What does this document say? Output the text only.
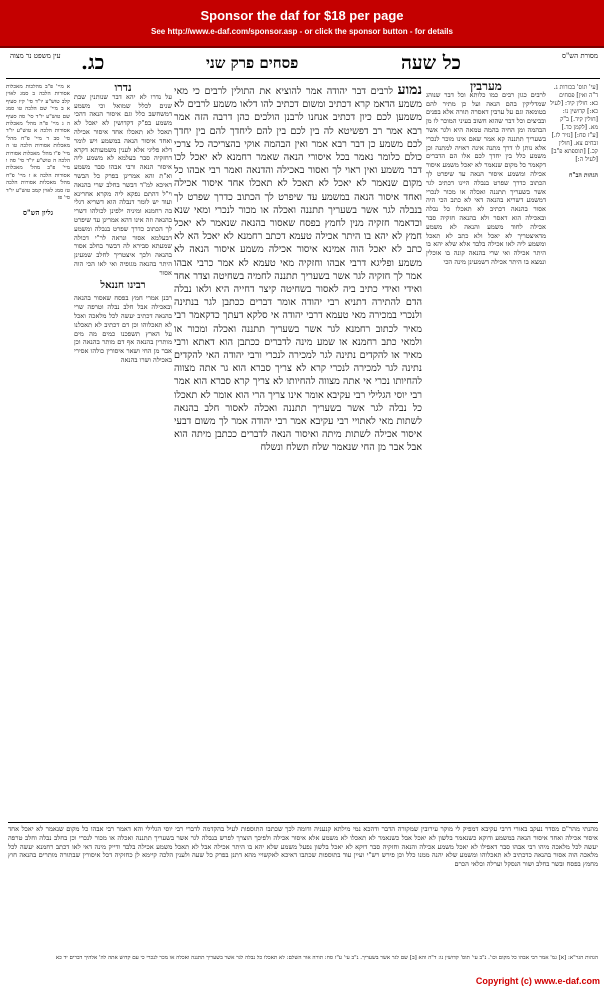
Sponsor the daf for $18 per page
See http://www.e-daf.com/sponsor.asp - or click the sponsor button - for details
עין משפט נר מצוה כג.	פסחים פרק שני	כל שעה	מסורת הש"ס
נמוע לרבים דבר יהודה אמר להוציא את התולין לרבים כי מאי משמע הדאמ קרא דכתיב ומשום דכתיב להו דלאו משמע לרבים לא משמען לכם כיון דכתיב אנחנו לרבנן הולכים כהן דרבה הזה אמר רבא אמר רב דפשיטא לה בין לכם בין להם ליחדך להם בין יחדך לכם משמע כן דבר רבא אמר ואין הבהמה אוקי בהצריכה כל צרכי כולם כלומר נאמר בכל איסורי הנאה שאמר רחמנא לא יאכל לכו דבר משמע ואין ראוי לך ואסור באכילה והדנאה ואמר רבי אבהו כל מקום שנאמר לא יאכל לא תאכל לא תאכלו אחד איסור אכילה ואחד איסור הנאה במשמע עד שיפרט לך הכתוב כדרך שפרט לך בנבלה לגר אשר בשעריך תתננה ואכלה או מכור לנכרי ומאי שנא וכדאמר חזקיה מנין לחמץ בפסח שאסור בהנאה שנאמר לא יאכל חמץ לא יהא בו היתר אכילה טעמא דכתב רחמנא לא יאכל הא לא כתב לא יאכל הוה אמינא איסור אכילה משמע איסור הנאה לא משמע ופליגא דרבי אבהו וחזקיה מאי טעמא לא אמר כרבי אבהו אמר לך חזקיה לגר אשר בשעריך תתננה לחמיה בשחיטה וצדר אחד ואידי ואידי כתיב ביה לאסור בשחיטה קיצר דחייה היא ולאו נבלה הדם להתירה דתניא רבי יהודה אומר דברים ככתבן לגר בנתינה ולנכרי במכירה מאי טעמא דרבי יהודה אי סלקא דעתך כדקאמר רבי מאיר לכתוב רחמנא לגר אשר בשעריך תתננה ואכלה ומכור או ולמאי כתב רחמנא או שמע מינה לדברים ככתבן הוא דאתא ורבי מאיר או להקדים נתינה לגר למכירה לנכרי ורבי יהודה האי להקדים נתינה לגר למכירה לנכרי קרא לא צריך סברא הוא גר אתה מצווה להחיותו נכרי אי אתה מצווה להחיותו לא צריך קרא סברא הוא אמר רבי יוסי הגלילי רבי עקיבא אומר אינו צריך הרי הוא אומר לא תאכלו כל נבלה לגר אשר בשעריך תתננה ואכלה לאסור חלב בהנאה לשתות מאי לאתויי רבי עקיבא אמר רבי יהודה אמר לך משום דבעי איסור אכילה לשתות מיתה ואיסור הנאה לדברים ככתבן מיתה הוא אבל אבר מן החי שנאמר שלח תשלח ונשלח
מערבין
לרבים כגון רבים כמו כלותא וכל דבר שנוהג שמדליקין בהם הנאה ועל כן מתיר להם בטומאה וגם על ערבין דאסרה תורה אלא בפנים ובביצים וכל דבר שהוא חשוב בעיני המוכר לו מן הבהמה ומן החיה בהמה טמאה היא ולגר אשר בשעריך תתננה קא אמר שאם אינו מוכר לנכרי אלא נותן לו דרך מתנה אינה ראויה למתנה וכן משמע כלל בין יחדך לכם אלו הם הדברים דקאמר כל מקום שנאמר לא יאכל משמע איסור אכילה ומשמע איסור הנאה עד שיפרט לך הכתוב כדרך שפרט בנבלה היינו דכתיב לגר אשר בשעריך תתננה ואכלה או מכור לנכרי דמשמע דשריא בהנאה דאי לא כתב הכי היה אסור בהנאה דכתיב לא תאכלו כל נבלה ובאכילה הוא דאסר ולא בהנאה חזקיה סבר אכילה לחוד משמע והנאה לא משמע מדאיצטריך לא יאכל ולא כתב לא תאכל ומשמע ליה לאו אכילה בלבד אלא שלא יהא בו היתר אכילה ואי שרי בהנאה קונה בו אוכלין ונמצא בו היתר אכילה דשמעינן מינה הכי
נדרו
על נדרו לא יהא דבר שנותנין שבת שנים לכלל שמואל וכי משמע דמשחשב כלל וגם איסור הנאה דהכי משמע בפ"ק דקדושין לא יאכל לא תאכל לא תאכלו אחד איסור אכילה ואחד איסור הנאה במשמע ויש לומר דלא פליגי אלא לענין משמעותא דקרא דחזקיה סבר בעלמא לא משמע ליה איסור הנאה ורבי אבהו סבר משמע וא"ת והא אמרינן בפרק כל הבשר דאיכא למ"ד דבשר בחלב שרי בהנאה וי"ל דהתם נפקא ליה מקרא אחרינא ועוד יש לומר דנבלה הוא דשריא דגלי בה רחמנא ומיניה ילפינן לכולהו דשרי בהנאה וזה אינו דהא אמרינן עד שיפרט לך הכתוב כדרך שפרט בנבלה ומשמע דבעלמא אסור ונראה לר"י דכולה שמעתא סבירא לה דבשר בחלב אסור בהנאה ולכך איצטריך לחלב שמעינן היתר בהנאה מגופיה ואי לאו הכי הוה אסור
רבינו חננאל
רבנן אמרי חמץ בפסח שאסור בהנאה ובאכילה אבל חלב נבלה וטרפה שרי בהנאה דכתיב יעשה לכל מלאכה ואכל לא תאכלוהו וכן דם דכתיב לא תאכלנו על הארץ תשפכנו כמים מה מים מותרין בהנאה אף דם מותר בהנאה וכן אבר מן החי ושאר איסורין כולהו אסירי באכילה ושרו בהנאה
א מיי' פ"ב מהלכות מאכלות אסורות הלכה ב סמג לאוין קלב טוש"ע יו"ד סי' קיז סעיף א ב מיי' שם הלכה טו סמג שם טוש"ע יו"ד סי' סה סעיף ה ג מיי' פ"ה מהל' מאכלות אסורות הלכה א טוש"ע יו"ד סי' סב ד מיי' פ"ח מהל' מאכלות אסורות הלכה טו ה מיי' פ"ו מהל' מאכלות אסורות הלכה ה טוש"ע יו"ד סי' סה ו מיי' פ"ב מהל' מאכלות אסורות הלכה א ז מיי' פ"ח מהל' מאכלות אסורות הלכה טז סמג לאוין קמב טוש"ע יו"ד סי' פז
גליון הש"ס
[עי' תוס' בכורות ג. ד"ה ואין] פסחים כא: חולין קיד: [לעיל כא:] קדושין נו: [חולין קיד.] ב"ק מא. [לקמן כד.] [ע"ז סח:] [נזיר לז.] זבחים צא. [חולין קכ.] [תוספתא פ"ב] [לעיל ה:]
הגהות הב"ח
מהנתי מהר"ם מסדר נעקב באורי דרבי עקיבא דמפיק לי מוקר עירובין שמקורה הדבר ודהכא נמי מילתא קנעניה ודומה לכך שכתבו התוספות לעיל בהקדמה לדברי רבי יוסי הגלילי והא דאמר רבי אבהו כל מקום שנאמר לא יאכל אחד איסור אכילה ואחד איסור הנאה במשמע ודוקא כשנאמר בלשון לא יאכל אבל כשנאמר לא תאכלו לא משמע אלא איסור אכילה ולפיכך הוצרך לפרש בנבלה לגר אשר בשעריך תתננה ואכלה או מכור לנכרי וכן בחלב נבלה וחלב טרפה יעשה לכל מלאכה מיהו רבי אבהו סבר דאפילו לא יאכל משמע אכילה והנאה וחזקיה סבר דוקא לא יאכל בלשון נפעל משמע שלא יהא בו היתר אכילה אבל לא תאכל משמע אכילה בלבד ודייק מינה דאי לאו דכתב רחמנא יעשה לכל מלאכה הוה אסור בהנאה כדכתיב לא תאכלוהו ומשמע שלא יהנה ממנו כלל וכן פירש רש"י ועיין עוד בתוספות שכתבו דאיכא לאקשויי מהא דתנן בפרק כל שעה ולענין הלכה קיימא לן כחזקיה דכל איסורין שבתורה מותרים בהנאה חוץ מחמץ בפסח ובשר בחלב ושור הנסקל וערלה וכלאי הכרם
הגהות הגר"א: [א] גמ' אמר רבי אבהו כל מקום וכו'. נ"ב עי' תוס' קדושין נו: ד"ה והא [ב] שם לגר אשר בשעריך. נ"ב עי' ע"ז סח: תורה אור השלם: לא תאכלו כל נבלה לגר אשר בשעריך תתננה ואכלה או מכר לנכרי כי עם קדוש אתה לה' אלהיך דברים יד כא
Copyright (c) www.e-daf.com
